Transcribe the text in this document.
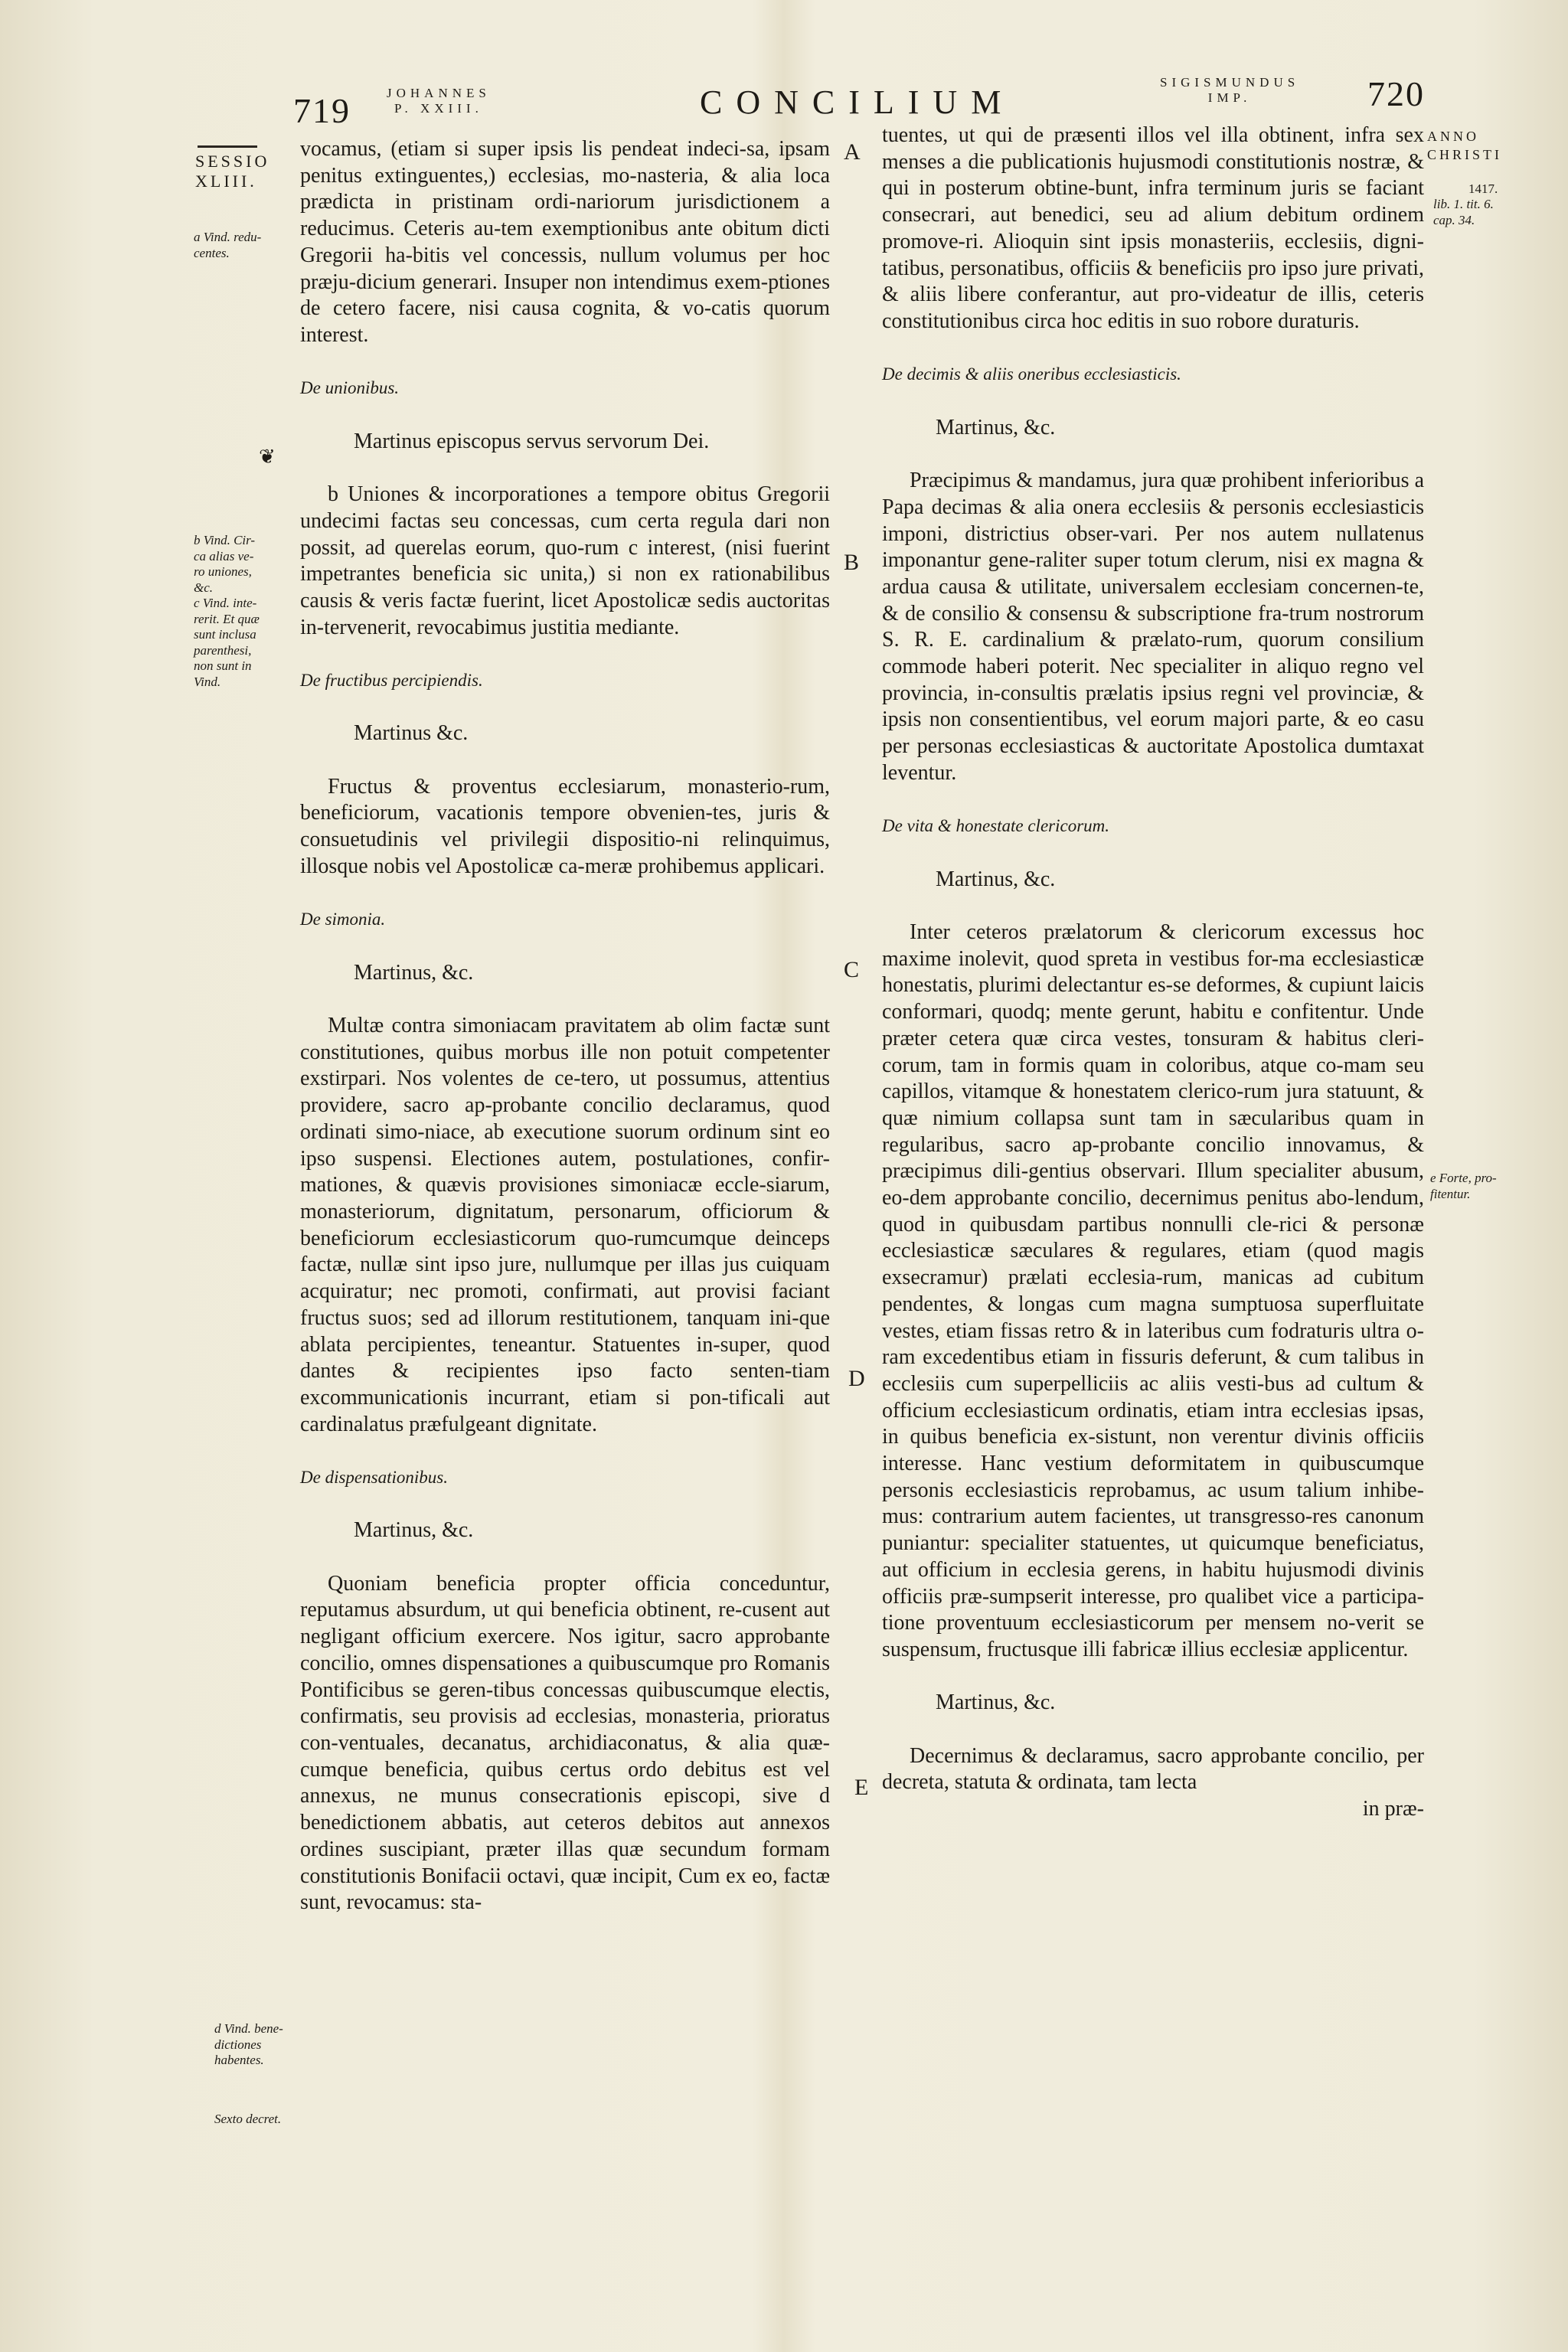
719	JOHANNES
P. XXIII.	CONCILIUM
SIGISMUNDUS
IMP.	720
SESSIO
XLIII.
a Vind. redu-
centes.
❦
b Vind. Cir-
ca alias ve-
ro uniones,
&c.
c Vind. inte-
rerit. Et quæ
sunt inclusa
parenthesi,
non sunt in
Vind.
d Vind. bene-
dictiones
habentes.
Sexto decret.
ANNO
CHRISTI
1417.
lib. 1. tit. 6.
cap. 34.
e Forte, pro-
fitentur.
A
B
C
D
E

vocamus, (etiam si super ipsis lis pendeat indeci-sa, ipsam penitus extinguentes,) ecclesias, mo-nasteria, & alia loca prædicta in pristinam ordi-nariorum jurisdictionem a reducimus. Ceteris au-tem exemptionibus ante obitum dicti Gregorii ha-bitis vel concessis, nullum volumus per hoc præju-dicium generari. Insuper non intendimus exem-ptiones de cetero facere, nisi causa cognita, & vo-catis quorum interest.

De unionibus.

Martinus episcopus servus servorum Dei.

b Uniones & incorporationes a tempore obitus Gregorii undecimi factas seu concessas, cum certa regula dari non possit, ad querelas eorum, quo-rum c interest, (nisi fuerint impetrantes beneficia sic unita,) si non ex rationabilibus causis & veris factæ fuerint, licet Apostolicæ sedis auctoritas in-tervenerit, revocabimus justitia mediante.

De fructibus percipiendis.

Martinus &c.

Fructus & proventus ecclesiarum, monasterio-rum, beneficiorum, vacationis tempore obvenien-tes, juris & consuetudinis vel privilegii dispositio-ni relinquimus, illosque nobis vel Apostolicæ ca-meræ prohibemus applicari.

De simonia.

Martinus, &c.

Multæ contra simoniacam pravitatem ab olim factæ sunt constitutiones, quibus morbus ille non potuit competenter exstirpari. Nos volentes de ce-tero, ut possumus, attentius providere, sacro ap-probante concilio declaramus, quod ordinati simo-niace, ab executione suorum ordinum sint eo ipso suspensi. Electiones autem, postulationes, confir-mationes, & quævis provisiones simoniacæ eccle-siarum, monasteriorum, dignitatum, personarum, officiorum & beneficiorum ecclesiasticorum quo-rumcumque deinceps factæ, nullæ sint ipso jure, nullumque per illas jus cuiquam acquiratur; nec promoti, confirmati, aut provisi faciant fructus suos; sed ad illorum restitutionem, tanquam ini-que ablata percipientes, teneantur. Statuentes in-super, quod dantes & recipientes ipso facto senten-tiam excommunicationis incurrant, etiam si pon-tificali aut cardinalatus præfulgeant dignitate.

De dispensationibus.

Martinus, &c.

Quoniam beneficia propter officia conceduntur, reputamus absurdum, ut qui beneficia obtinent, re-cusent aut negligant officium exercere. Nos igitur, sacro approbante concilio, omnes dispensationes a quibuscumque pro Romanis Pontificibus se geren-tibus concessas quibuscumque electis, confirmatis, seu provisis ad ecclesias, monasteria, prioratus con-ventuales, decanatus, archidiaconatus, & alia quæ-cumque beneficia, quibus certus ordo debitus est vel annexus, ne munus consecrationis episcopi, sive d benedictionem abbatis, aut ceteros debitos aut annexos ordines suscipiant, præter illas quæ secundum formam constitutionis Bonifacii octavi, quæ incipit, Cum ex eo, factæ sunt, revocamus: sta-

tuentes, ut qui de præsenti illos vel illa obtinent, infra sex menses a die publicationis hujusmodi constitutionis nostræ, & qui in posterum obtine-bunt, infra terminum juris se faciant consecrari, aut benedici, seu ad alium debitum ordinem promove-ri. Alioquin sint ipsis monasteriis, ecclesiis, digni-tatibus, personatibus, officiis & beneficiis pro ipso jure privati, & aliis libere conferantur, aut pro-videatur de illis, ceteris constitutionibus circa hoc editis in suo robore duraturis.

De decimis & aliis oneribus ecclesiasticis.

Martinus, &c.

Præcipimus & mandamus, jura quæ prohibent inferioribus a Papa decimas & alia onera ecclesiis & personis ecclesiasticis imponi, districtius obser-vari. Per nos autem nullatenus imponantur gene-raliter super totum clerum, nisi ex magna & ardua causa & utilitate, universalem ecclesiam concernen-te, & de consilio & consensu & subscriptione fra-trum nostrorum S. R. E. cardinalium & prælato-rum, quorum consilium commode haberi poterit. Nec specialiter in aliquo regno vel provincia, in-consultis prælatis ipsius regni vel provinciæ, & ipsis non consentientibus, vel eorum majori parte, & eo casu per personas ecclesiasticas & auctoritate Apostolica dumtaxat leventur.

De vita & honestate clericorum.

Martinus, &c.

Inter ceteros prælatorum & clericorum excessus hoc maxime inolevit, quod spreta in vestibus for-ma ecclesiasticæ honestatis, plurimi delectantur es-se deformes, & cupiunt laicis conformari, quodq; mente gerunt, habitu e confitentur. Unde præter cetera quæ circa vestes, tonsuram & habitus cleri-corum, tam in formis quam in coloribus, atque co-mam seu capillos, vitamque & honestatem clerico-rum jura statuunt, & quæ nimium collapsa sunt tam in sæcularibus quam in regularibus, sacro ap-probante concilio innovamus, & præcipimus dili-gentius observari. Illum specialiter abusum, eo-dem approbante concilio, decernimus penitus abo-lendum, quod in quibusdam partibus nonnulli cle-rici & personæ ecclesiasticæ sæculares & regulares, etiam (quod magis exsecramur) prælati ecclesia-rum, manicas ad cubitum pendentes, & longas cum magna sumptuosa superfluitate vestes, etiam fissas retro & in lateribus cum fodraturis ultra o-ram excedentibus etiam in fissuris deferunt, & cum talibus in ecclesiis cum superpelliciis ac aliis vesti-bus ad cultum & officium ecclesiasticum ordinatis, etiam intra ecclesias ipsas, in quibus beneficia ex-sistunt, non verentur divinis officiis interesse. Hanc vestium deformitatem in quibuscumque personis ecclesiasticis reprobamus, ac usum talium inhibe-mus: contrarium autem facientes, ut transgresso-res canonum puniantur: specialiter statuentes, ut quicumque beneficiatus, aut officium in ecclesia gerens, in habitu hujusmodi divinis officiis præ-sumpserit interesse, pro qualibet vice a participa-tione proventuum ecclesiasticorum per mensem no-verit se suspensum, fructusque illi fabricæ illius ecclesiæ applicentur.

Martinus, &c.

Decernimus & declaramus, sacro approbante concilio, per decreta, statuta & ordinata, tam lecta

in præ-
